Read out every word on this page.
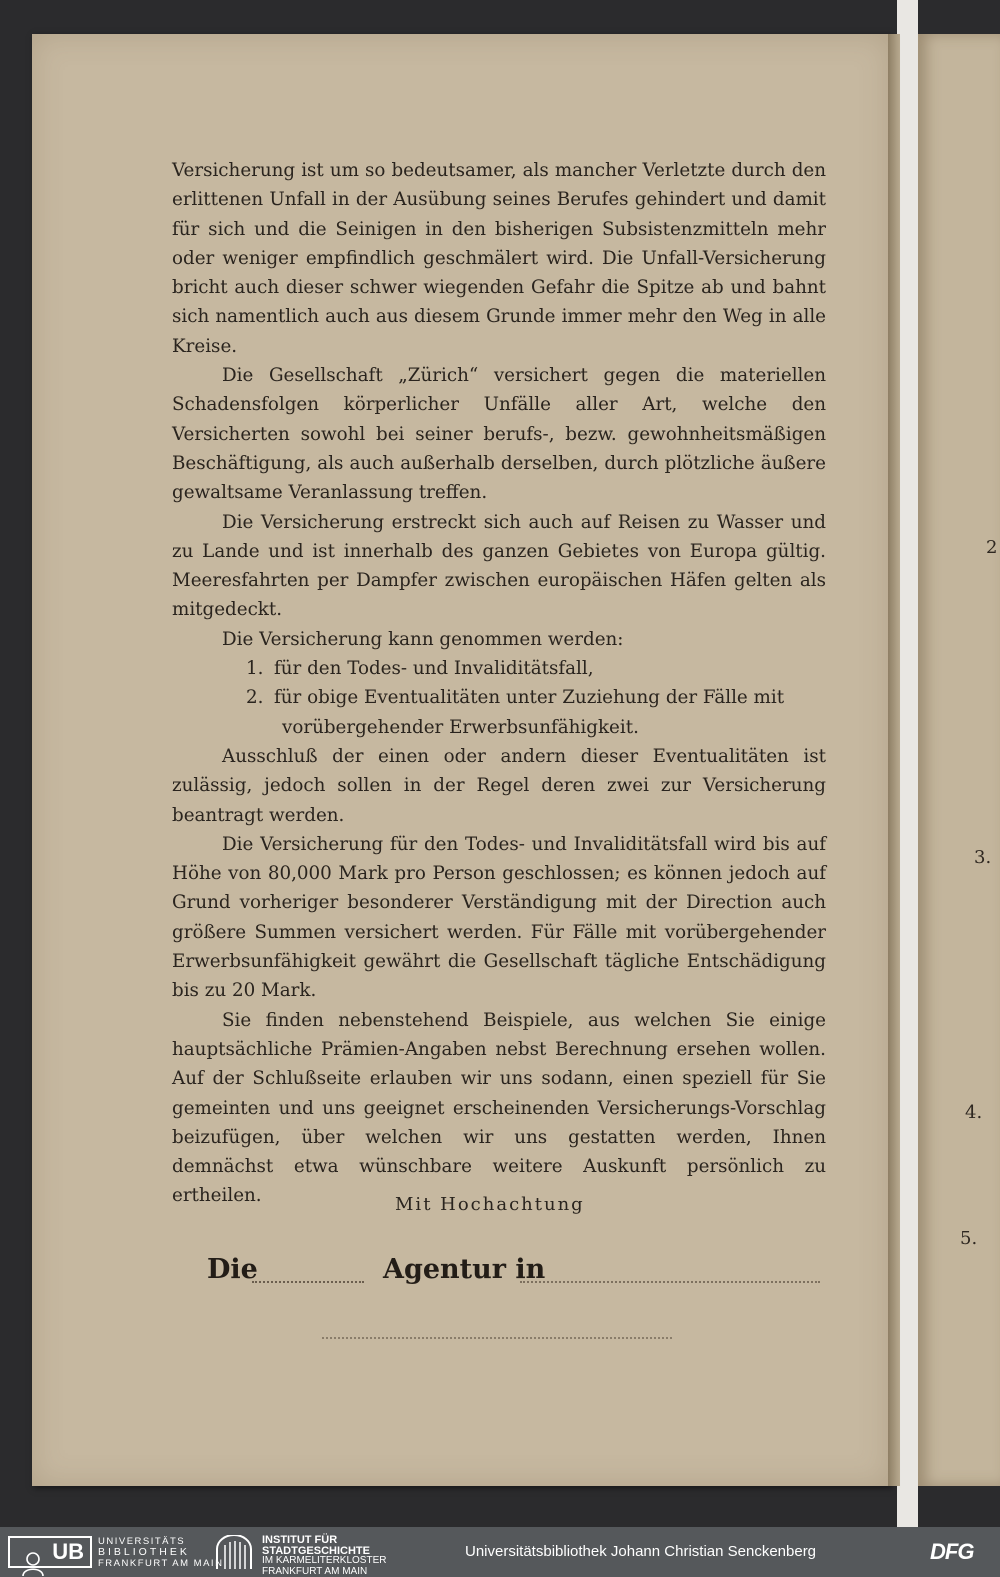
2
3.
4.
5.

Versicherung ist um so bedeutsamer, als mancher Verletzte durch den erlittenen Unfall in der Ausübung seines Berufes gehindert und damit für sich und die Seinigen in den bisherigen Subsistenzmitteln mehr oder weniger empfindlich geschmälert wird. Die Unfall-Versicherung bricht auch dieser schwer wiegenden Gefahr die Spitze ab und bahnt sich namentlich auch aus diesem Grunde immer mehr den Weg in alle Kreise.

Die Gesellschaft „Zürich“ versichert gegen die materiellen Schadensfolgen körperlicher Unfälle aller Art, welche den Versicherten sowohl bei seiner berufs-, bezw. gewohnheitsmäßigen Beschäftigung, als auch außerhalb derselben, durch plötzliche äußere gewaltsame Veranlassung treffen.

Die Versicherung erstreckt sich auch auf Reisen zu Wasser und zu Lande und ist innerhalb des ganzen Gebietes von Europa gültig. Meeresfahrten per Dampfer zwischen europäischen Häfen gelten als mitgedeckt.

Die Versicherung kann genommen werden:

1. für den Todes- und Invaliditätsfall,

2. für obige Eventualitäten unter Zuziehung der Fälle mit

vorübergehender Erwerbsunfähigkeit.

Ausschluß der einen oder andern dieser Eventualitäten ist zulässig, jedoch sollen in der Regel deren zwei zur Versicherung beantragt werden.

Die Versicherung für den Todes- und Invaliditätsfall wird bis auf Höhe von 80,000 Mark pro Person geschlossen; es können jedoch auf Grund vorheriger besonderer Verständigung mit der Direction auch größere Summen versichert werden. Für Fälle mit vorübergehender Erwerbsunfähigkeit gewährt die Gesellschaft tägliche Entschädigung bis zu 20 Mark.

Sie finden nebenstehend Beispiele, aus welchen Sie einige hauptsächliche Prämien-Angaben nebst Berechnung ersehen wollen. Auf der Schlußseite erlauben wir uns sodann, einen speziell für Sie gemeinten und uns geeignet erscheinenden Versicherungs-Vorschlag beizufügen, über welchen wir uns gestatten werden, Ihnen demnächst etwa wünschbare weitere Auskunft persönlich zu ertheilen.	Mit Hochachtung
Die	Agentur in
UB UNIVERSITÄTS
BIBLIOTHEK
FRANKFURT AM MAIN
INSTITUT FÜR
STADTGESCHICHTE
IM KARMELITERKLOSTER
FRANKFURT AM MAIN
Universitätsbibliothek Johann Christian Senckenberg	DFG
